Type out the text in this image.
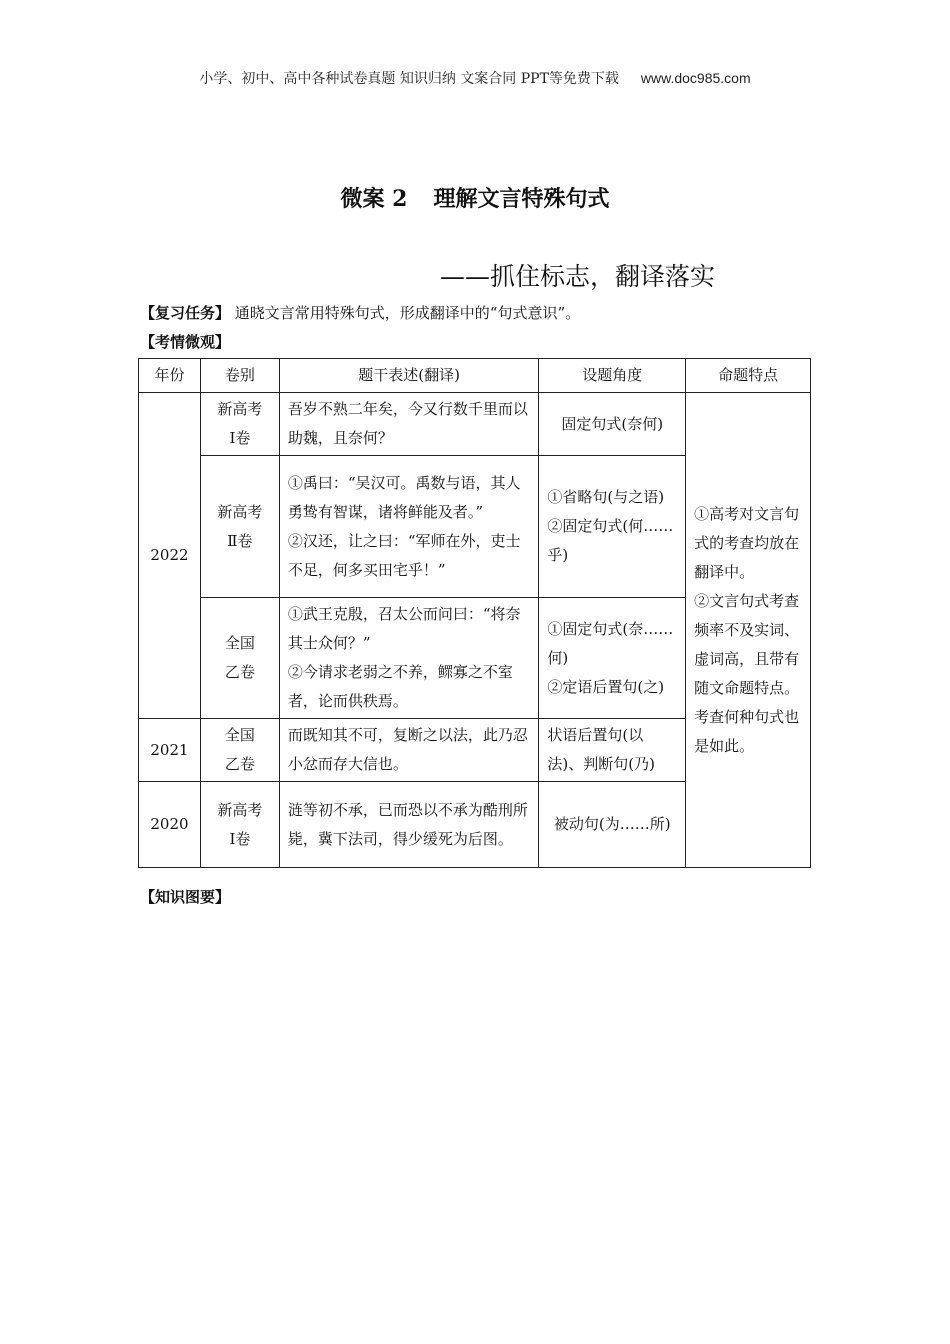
小学、初中、高中各种试卷真题 知识归纳 文案合同 PPT等免费下载 www.doc985.com
微案 2 理解文言特殊句式
——抓住标志，翻译落实
【复习任务】 通晓文言常用特殊句式，形成翻译中的“句式意识”。
【考情微观】
年份	卷别	题干表述(翻译)	设题角度	命题特点
2022	新高考
Ⅰ卷	吾岁不熟二年矣，今又行数千里而以助魏，且奈何？	固定句式(奈何)	①高考对文言句式的考查均放在翻译中。
②文言句式考查频率不及实词、虚词高，且带有随文命题特点。考查何种句式也是如此。
	新高考
Ⅱ卷	①禹曰：“吴汉可。禹数与语，其人勇鸷有智谋，诸将鲜能及者。”
②汉还，让之曰：“军师在外，吏士不足，何多买田宅乎！”	①省略句(与之语)
②固定句式(何……乎)	
	全国
乙卷	①武王克殷，召太公而问曰：“将奈其士众何？”
②今请求老弱之不养，鳏寡之不室者，论而供秩焉。	①固定句式(奈……何)
②定语后置句(之)	
2021	全国
乙卷	而既知其不可，复断之以法，此乃忍小忿而存大信也。	状语后置句(以法)、判断句(乃)	
2020	新高考
Ⅰ卷	涟等初不承，已而恐以不承为酷刑所毙，冀下法司，得少缓死为后图。	被动句(为……所)	
【知识图要】
